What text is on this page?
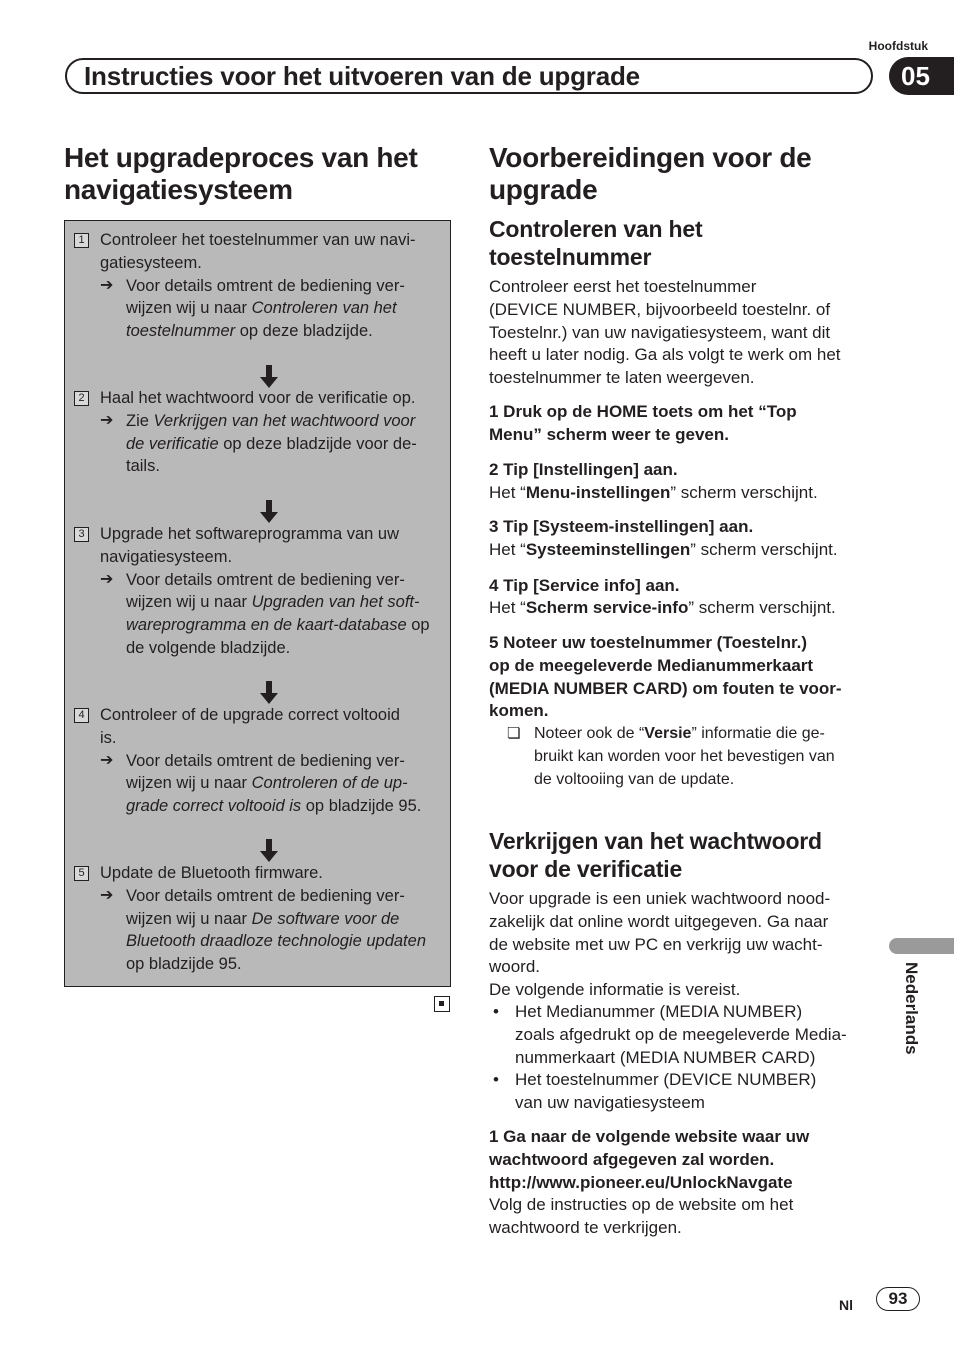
Hoofdstuk
Instructies voor het uitvoeren van de upgrade	05
Het upgradeproces van het
navigatiesysteem
1 Controleer het toestelnummer van uw navi-
gatiesysteem.
➔ Voor details omtrent de bediening ver-
wijzen wij u naar Controleren van het
toestelnummer op deze bladzijde.
2 Haal het wachtwoord voor de verificatie op.
➔ Zie Verkrijgen van het wachtwoord voor
de verificatie op deze bladzijde voor de-
tails.
3 Upgrade het softwareprogramma van uw
navigatiesysteem.
➔ Voor details omtrent de bediening ver-
wijzen wij u naar Upgraden van het soft-
wareprogramma en de kaart-database op
de volgende bladzijde.
4 Controleer of de upgrade correct voltooid
is.
➔ Voor details omtrent de bediening ver-
wijzen wij u naar Controleren of de up-
grade correct voltooid is op bladzijde 95.
5 Update de Bluetooth firmware.
➔ Voor details omtrent de bediening ver-
wijzen wij u naar De software voor de
Bluetooth draadloze technologie updaten
op bladzijde 95.
Voorbereidingen voor de
upgrade
Controleren van het
toestelnummer
Controleer eerst het toestelnummer
(DEVICE NUMBER, bijvoorbeeld toestelnr. of
Toestelnr.) van uw navigatiesysteem, want dit
heeft u later nodig. Ga als volgt te werk om het
toestelnummer te laten weergeven.
1 Druk op de HOME toets om het “Top
Menu” scherm weer te geven.
2 Tip [Instellingen] aan.
Het “Menu-instellingen” scherm verschijnt.
3 Tip [Systeem-instellingen] aan.
Het “Systeeminstellingen” scherm verschijnt.
4 Tip [Service info] aan.
Het “Scherm service-info” scherm verschijnt.
5 Noteer uw toestelnummer (Toestelnr.)
op de meegeleverde Medianummerkaart
(MEDIA NUMBER CARD) om fouten te voor-
komen.
❏ Noteer ook de “Versie” informatie die ge-
bruikt kan worden voor het bevestigen van
de voltooiing van de update.
Verkrijgen van het wachtwoord
voor de verificatie
Voor upgrade is een uniek wachtwoord nood-
zakelijk dat online wordt uitgegeven. Ga naar
de website met uw PC en verkrijg uw wacht-
woord.
De volgende informatie is vereist.
• Het Medianummer (MEDIA NUMBER)
zoals afgedrukt op de meegeleverde Media-
nummerkaart (MEDIA NUMBER CARD)
• Het toestelnummer (DEVICE NUMBER)
van uw navigatiesysteem
1 Ga naar de volgende website waar uw
wachtwoord afgegeven zal worden.
http://www.pioneer.eu/UnlockNavgate
Volg de instructies op de website om het
wachtwoord te verkrijgen.
Nederlands
Nl	93
